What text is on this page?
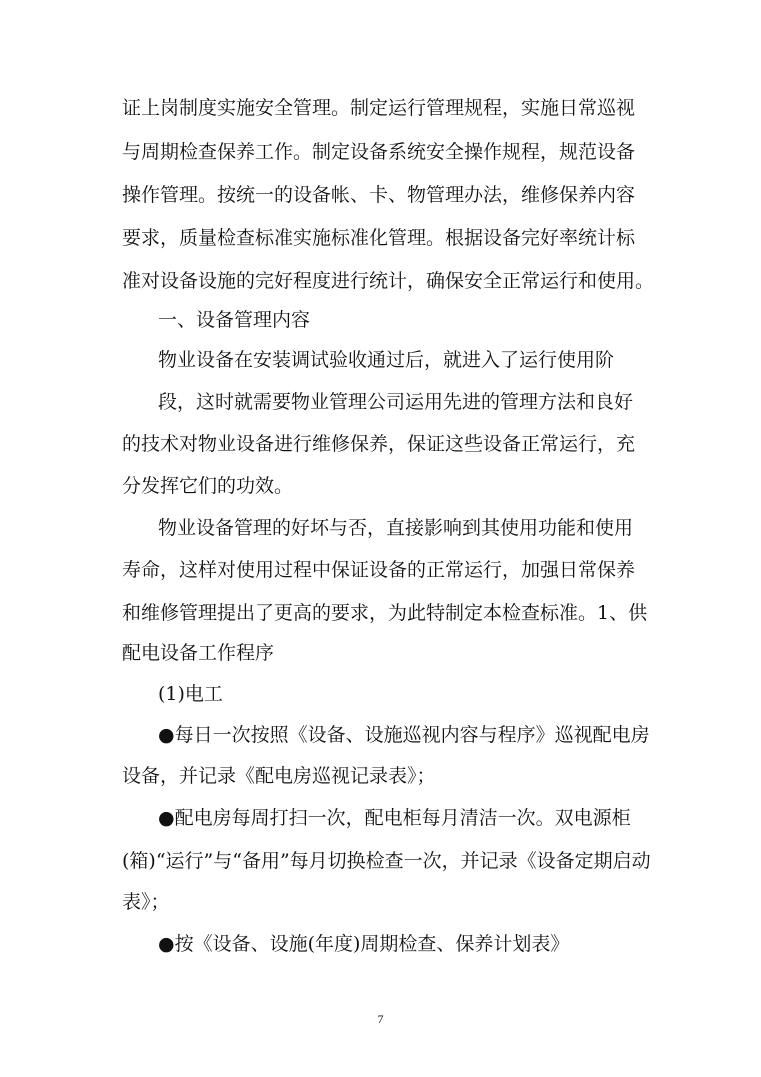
证上岗制度实施安全管理。制定运行管理规程，实施日常巡视
与周期检查保养工作。制定设备系统安全操作规程，规范设备
操作管理。按统一的设备帐、卡、物管理办法，维修保养内容
要求，质量检查标准实施标准化管理。根据设备完好率统计标
准对设备设施的完好程度进行统计，确保安全正常运行和使用。
一、设备管理内容
物业设备在安装调试验收通过后，就进入了运行使用阶
段，这时就需要物业管理公司运用先进的管理方法和良好
的技术对物业设备进行维修保养，保证这些设备正常运行，充
分发挥它们的功效。
物业设备管理的好坏与否，直接影响到其使用功能和使用
寿命，这样对使用过程中保证设备的正常运行，加强日常保养
和维修管理提出了更高的要求，为此特制定本检查标准。1、供
配电设备工作程序
(1)电工
●每日一次按照《设备、设施巡视内容与程序》巡视配电房
设备，并记录《配电房巡视记录表》；
●配电房每周打扫一次，配电柜每月清洁一次。双电源柜
(箱)“运行”与“备用”每月切换检查一次，并记录《设备定期启动
表》；
●按《设备、设施(年度)周期检查、保养计划表》
7
